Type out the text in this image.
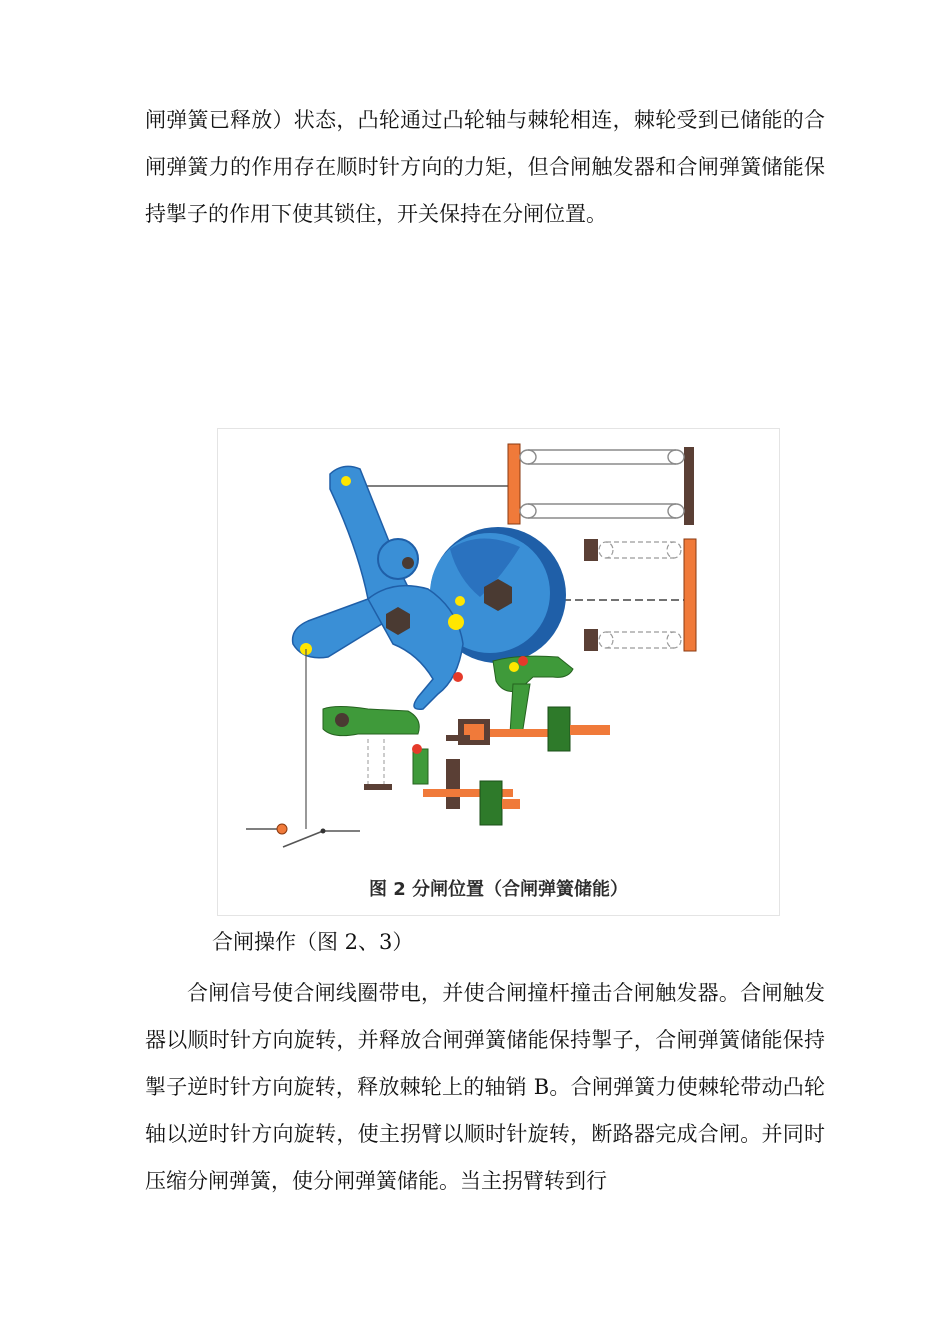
闸弹簧已释放）状态，凸轮通过凸轮轴与棘轮相连，棘轮受到已储能的合闸弹簧力的作用存在顺时针方向的力矩，但合闸触发器和合闸弹簧储能保持掣子的作用下使其锁住，开关保持在分闸位置。

图 2 分闸位置（合闸弹簧储能）

合闸操作（图 2、3）

合闸信号使合闸线圈带电，并使合闸撞杆撞击合闸触发器。合闸触发器以顺时针方向旋转，并释放合闸弹簧储能保持掣子，合闸弹簧储能保持掣子逆时针方向旋转，释放棘轮上的轴销 B。合闸弹簧力使棘轮带动凸轮轴以逆时针方向旋转，使主拐臂以顺时针旋转，断路器完成合闸。并同时压缩分闸弹簧，使分闸弹簧储能。当主拐臂转到行
